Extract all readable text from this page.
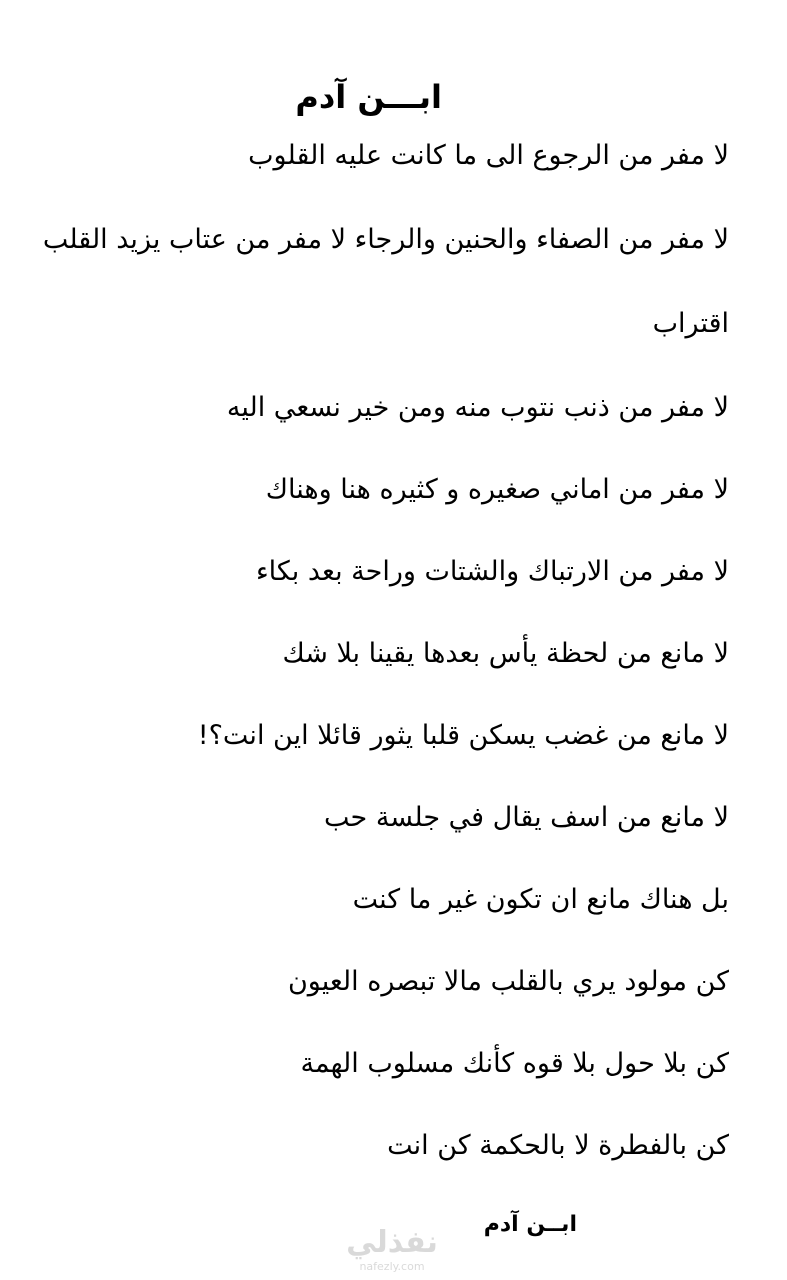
ابـــن آدم

لا مفر من الرجوع الى ما كانت عليه القلوب

لا مفر من الصفاء والحنين والرجاء لا مفر من عتاب يزيد القلب

اقتراب

لا مفر من ذنب نتوب منه ومن خير نسعي اليه

لا مفر من اماني صغيره و كثيره هنا وهناك

لا مفر من الارتباك والشتات وراحة بعد بكاء

لا مانع من لحظة يأس بعدها يقينا بلا شك

لا مانع من غضب يسكن قلبا يثور قائلا اين انت؟!

لا مانع من اسف يقال في جلسة حب

بل هناك مانع ان تكون غير ما كنت

كن مولود يري بالقلب مالا تبصره العيون

كن بلا حول بلا قوه كأنك مسلوب الهمة

كن بالفطرة لا بالحكمة كن انت

ابــن آدم
نفذلي
nafezly.com
